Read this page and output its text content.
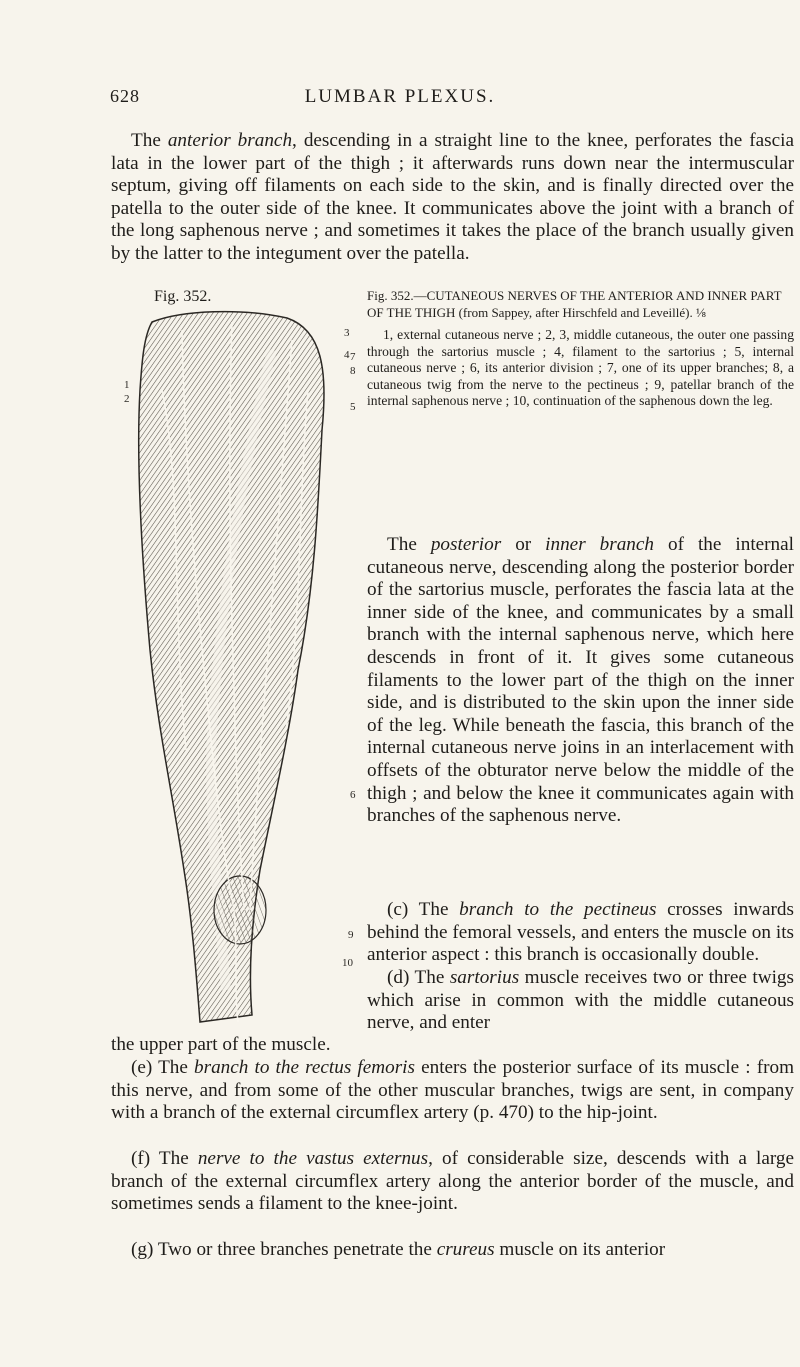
628	LUMBAR PLEXUS.

The anterior branch, descending in a straight line to the knee, perforates the fascia lata in the lower part of the thigh ; it afterwards runs down near the intermuscular septum, giving off filaments on each side to the skin, and is finally directed over the patella to the outer side of the knee. It communicates above the joint with a branch of the long saphenous nerve ; and sometimes it takes the place of the branch usually given by the latter to the integument over the patella.

Fig. 352.
1
2
3
4
5
6
7
8
9
10

Fig. 352.—CUTANEOUS NERVES OF THE ANTERIOR AND INNER PART OF THE THIGH (from Sappey, after Hirschfeld and Leveillé). ⅛

1, external cutaneous nerve ; 2, 3, middle cutaneous, the outer one passing through the sartorius muscle ; 4, filament to the sartorius ; 5, internal cutaneous nerve ; 6, its anterior division ; 7, one of its upper branches; 8, a cutaneous twig from the nerve to the pectineus ; 9, patellar branch of the internal saphenous nerve ; 10, continuation of the saphenous down the leg.

The posterior or inner branch of the internal cutaneous nerve, descending along the posterior border of the sartorius muscle, perforates the fascia lata at the inner side of the knee, and communicates by a small branch with the internal saphenous nerve, which here descends in front of it. It gives some cutaneous filaments to the lower part of the thigh on the inner side, and is distributed to the skin upon the inner side of the leg. While beneath the fascia, this branch of the internal cutaneous nerve joins in an interlacement with offsets of the obturator nerve below the middle of the thigh ; and below the knee it communicates again with branches of the saphenous nerve.

(c) The branch to the pectineus crosses inwards behind the femoral vessels, and enters the muscle on its anterior aspect : this branch is occasionally double.

(d) The sartorius muscle receives two or three twigs which arise in common with the middle cutaneous nerve, and enter

the upper part of the muscle.

(e) The branch to the rectus femoris enters the posterior surface of its muscle : from this nerve, and from some of the other muscular branches, twigs are sent, in company with a branch of the external circumflex artery (p. 470) to the hip-joint.

(f) The nerve to the vastus externus, of considerable size, descends with a large branch of the external circumflex artery along the anterior border of the muscle, and sometimes sends a filament to the knee-joint.

(g) Two or three branches penetrate the crureus muscle on its anterior
